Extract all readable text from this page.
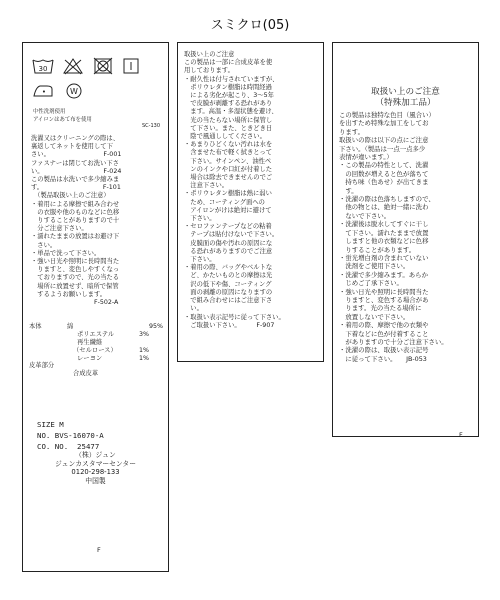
スミクロ(05)
30
•	W
中性洗剤使用
アイロンはあて布を使用
SC-130
洗濯又はクリーニングの際は、
裏返してネットを使用して下
さい。　　　　　　　　　F-001
ファスナーは閉じてお洗い下さ
い。　　　　　　　　　　F-024
この製品は水洗いで多少縮みま
す。　　　　　　　　　　F-101
　（製品取扱い上のご注意）
・着用による摩擦で組み合わせ
　の衣服や他のものなどに色移
　りすることがありますので十
　分ご注意下さい。
・濡れたままの放置はお避け下
　さい。
・単品で洗って下さい。
・強い日光や照明に長時間当た
　りますと、変色しやすくなっ
　ておりますので、光の当たる
　場所に放置せず、暗所で保管
　するようお願いします。
　　　　　　　　　　F-502-A
本体	綿	95%
ポリエステル	3%
再生繊維
（セルロース）	1%
レーヨン	1%
皮革部分
合成皮革
SIZE M
NO. BVS-16070-A
CO. NO.  25477
（株）ジュン
ジュンカスタマーセンター
0120-298-133
中国製
F
取扱い上のご注意
この製品は一部に合成皮革を使
用しております。
・耐久性は付与されていますが、
　ポリウレタン樹脂は時間経過
　による劣化が起こり、3〜5年
　で皮膜が剥離する恐れがあり
　ます。高温・多湿状態を避け、
　光の当たらない場所に保管し
　て下さい。また、ときどき日
　陰で風通ししてください。
・あまりひどくない汚れは水を
　含ませた布で軽く拭きとって
　下さい。サインペン、油性ペ
　ンのインクや口紅が付着した
　場合は除去できませんのでご
　注意下さい。
・ポリウレタン樹脂は熱に弱い
　ため、コーティング面への
　アイロンがけは絶対に避けて
　下さい。
・セロファンテープなどの粘着
　テープは貼付けないで下さい。
　皮膜面の傷や汚れの原因にな
　る恐れがありますのでご注意
　下さい。
・着用の際、バッグやベルトな
　ど、かたいものとの摩擦は光
　沢の低下や傷、コーティング
　面の剥離の原因になりますの
　で組み合わせにはご注意下さ
　い。
・取扱い表示記号に従って下さい。
　ご取扱い下さい。　　　F-907
取扱い上のご注意
（特殊加工品）
この製品は独特な色目（風合い）
を出すため特殊な加工をしてお
ります。
取扱いの際は以下の点にご注意
下さい。（製品は一点一点多少
表情が違います。）
・この製品の特性として、洗濯
　の回数が増えると色が落ちて
　持ち味（色あせ）が出てきま
　す。
・洗濯の際は色落ちしますので、
　他の物とは、絶対一緒に洗わ
　ないで下さい。
・洗濯後は脱水してすぐに干し
　て下さい。濡れたままで放置
　しますと他の衣類などに色移
　りすることがあります。
・蛍光増白剤の含まれていない
　洗剤をご使用下さい。
・洗濯で多少縮みます。あらか
　じめご了承下さい。
・強い日光や照明に長時間当た
　りますと、変色する場合があ
　ります。光の当たる場所に
　放置しないで下さい。
・着用の際、摩擦で他の衣類や
　下着などに色が付着すること
　がありますので十分ご注意下さい。
・洗濯の際は、取扱い表示記号
　に従って下さい。　　JB-053
F
